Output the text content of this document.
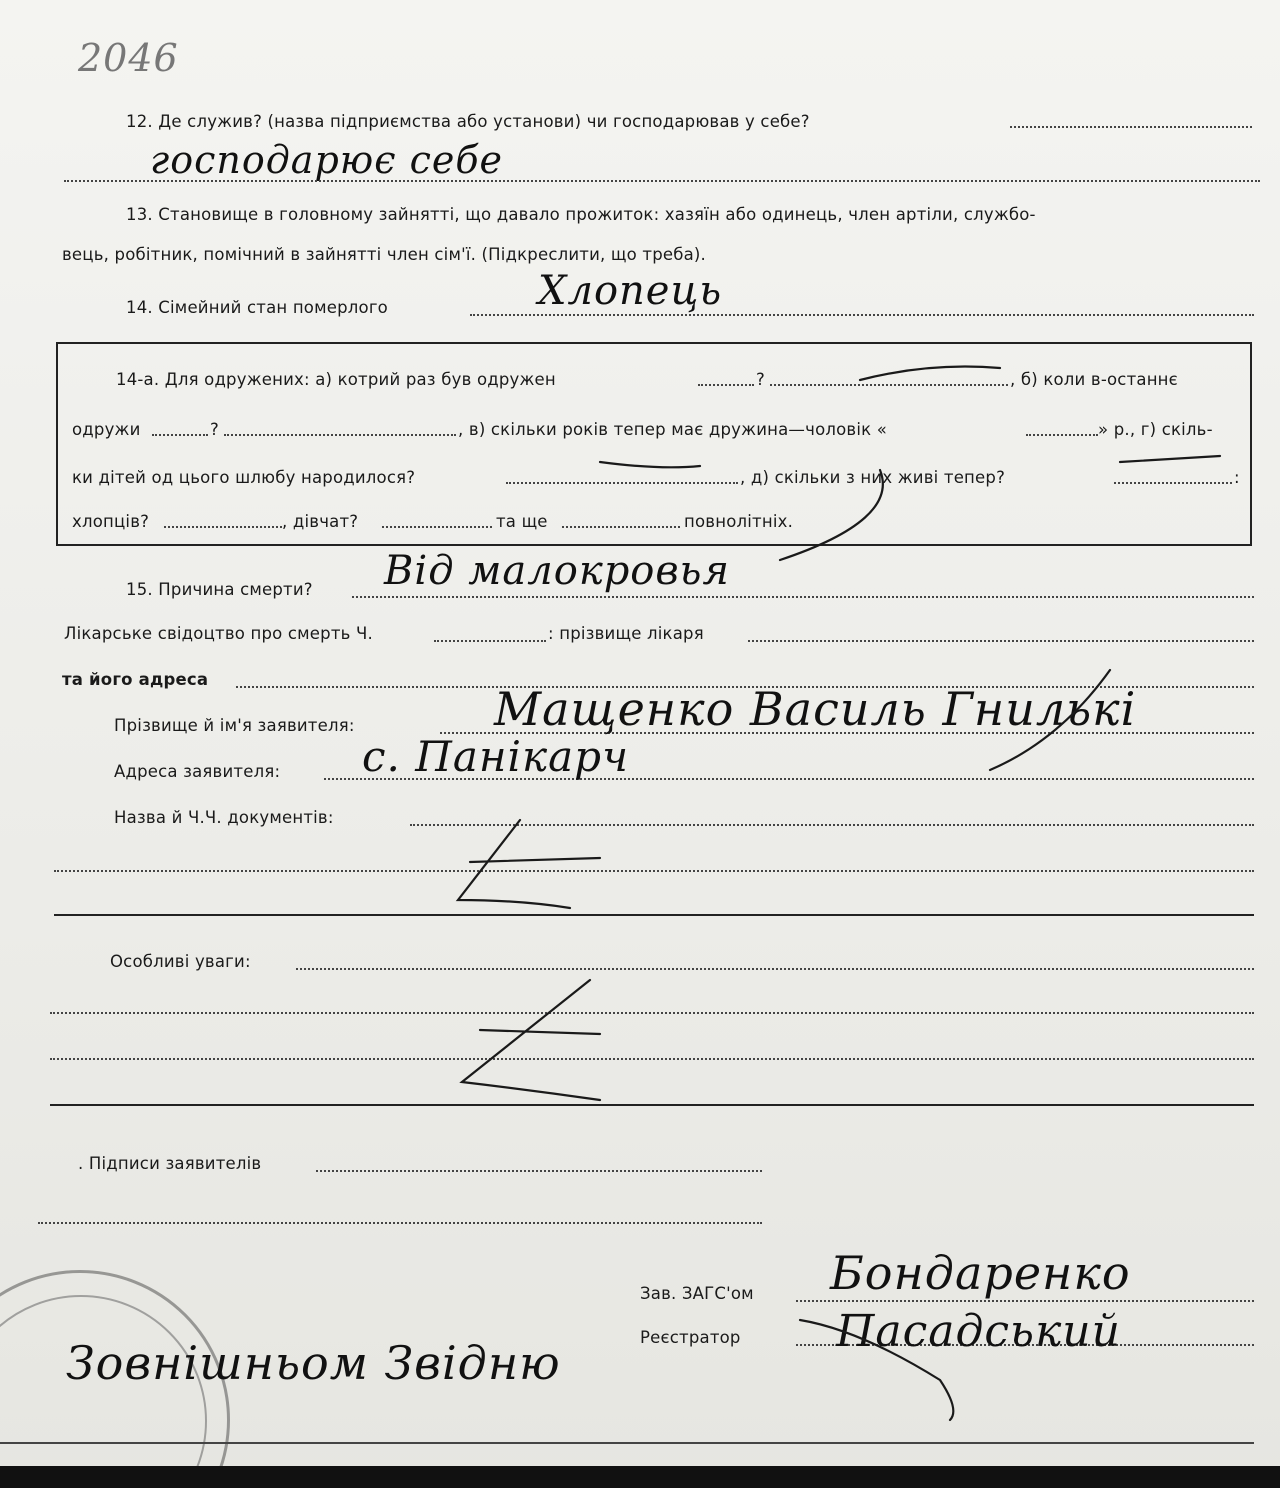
2046
12. Де служив? (назва підприємства або установи) чи господарював у себе?
господарює себе
13. Становище в головному зайнятті, що давало прожиток: хазяїн або одинець, член артіли, службо-
вець, робітник, помічний в зайнятті член сім'ї. (Підкреслити, що треба).
14. Сімейний стан померлого	Хлопець
14-а. Для одружених: а) котрий раз був одружен	?	, б) коли в-останнє
одружи	?	, в) скільки років тепер має дружина—чоловік «	» р., г) скіль-
ки дітей од цього шлюбу народилося?	, д) скільки з них живі тепер?	:
хлопців?	, дівчат?	та ще	повнолітніх.
15. Причина смерти? Від малокровья
Лікарське свідоцтво про смерть Ч.	: прізвище лікаря
та його адреса
Прізвище й ім'я заявителя:	Мащенко Василь Гнилькі
Адреса заявителя: с. Панікарч
Назва й Ч.Ч. документів:
Особливі уваги:
. Підписи заявителів
Зав. ЗАГС'ом Бондаренко
Реєстратор Пасадський
Зовнішньом Звідню
